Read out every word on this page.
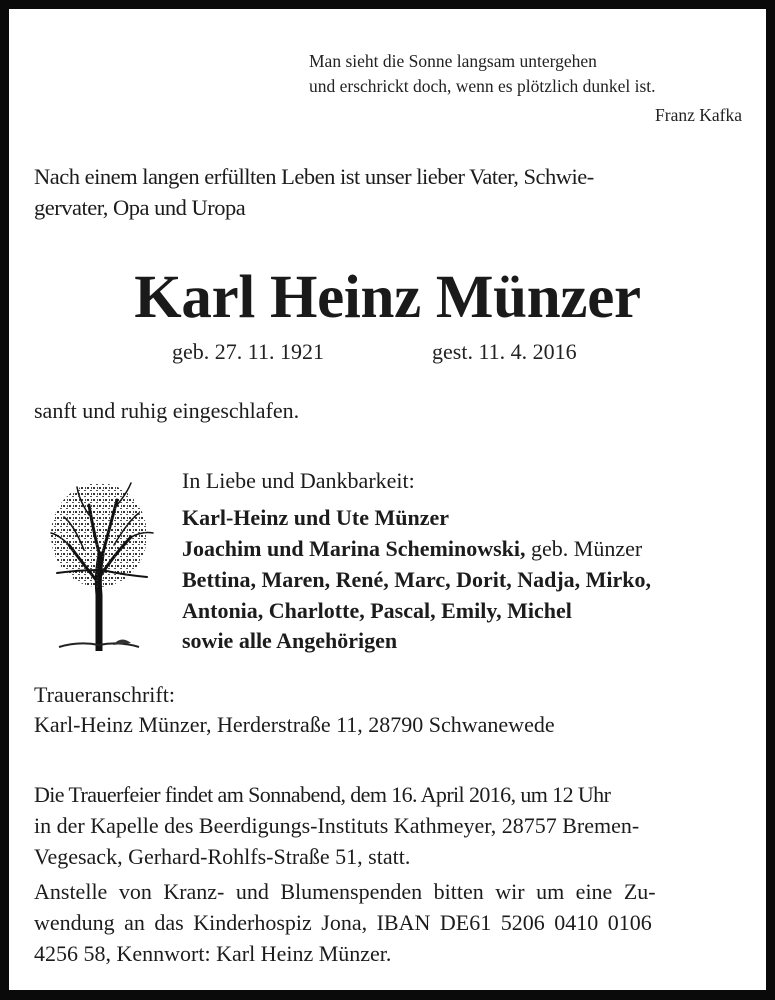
Man sieht die Sonne langsam untergehen
und erschrickt doch, wenn es plötzlich dunkel ist.
Franz Kafka
Nach einem langen erfüllten Leben ist unser lieber Vater, Schwie-
gervater, Opa und Uropa
Karl Heinz Münzer
geb. 27. 11. 1921	gest. 11. 4. 2016
sanft und ruhig eingeschlafen.
In Liebe und Dankbarkeit:
Karl-Heinz und Ute Münzer
Joachim und Marina Scheminowski, geb. Münzer
Bettina, Maren, René, Marc, Dorit, Nadja, Mirko,
Antonia, Charlotte, Pascal, Emily, Michel
sowie alle Angehörigen
Traueranschrift:
Karl-Heinz Münzer, Herderstraße 11, 28790 Schwanewede
Die Trauerfeier findet am Sonnabend, dem 16. April 2016, um 12 Uhr
in der Kapelle des Beerdigungs-Instituts Kathmeyer, 28757 Bremen-
Vegesack, Gerhard-Rohlfs-Straße 51, statt.
Anstelle von Kranz- und Blumenspenden bitten wir um eine Zu-
wendung an das Kinderhospiz Jona, IBAN DE61 5206 0410 0106
4256 58, Kennwort: Karl Heinz Münzer.
